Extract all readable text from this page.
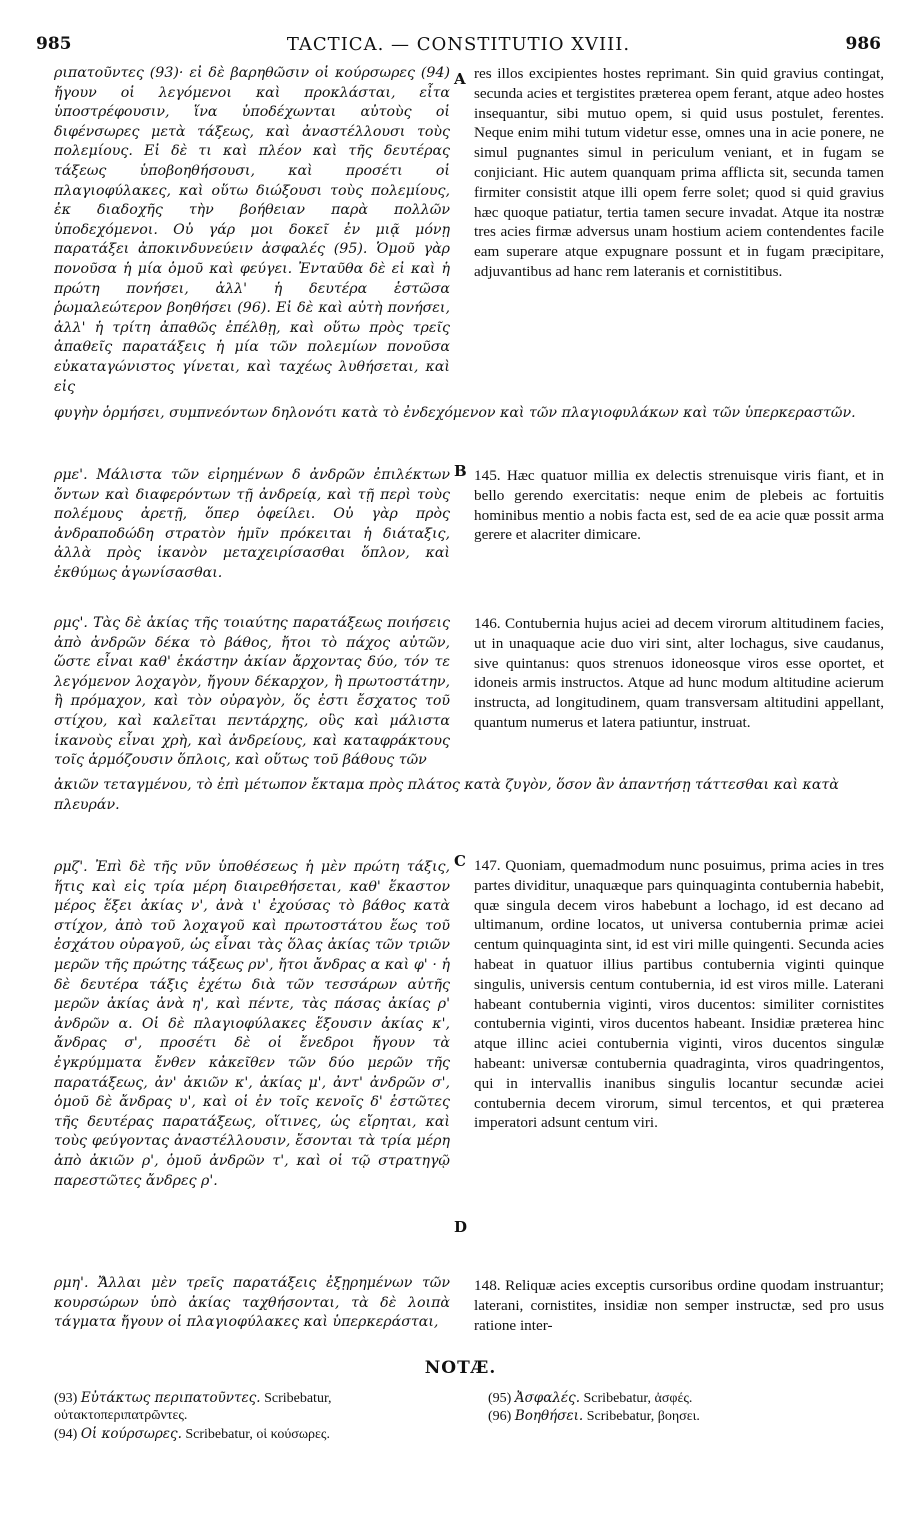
985	TACTICA. — CONSTITUTIO XVIII.	986
A
B
C
D

ριπατοῦντες (93)· εἰ δὲ βαρηθῶσιν οἱ κούρσωρες (94) ἤγουν οἱ λεγόμενοι καὶ προκλάσται, εἶτα ὑποστρέφουσιν, ἵνα ὑποδέχωνται αὐτοὺς οἱ διφένσωρες μετὰ τάξεως, καὶ ἀναστέλλουσι τοὺς πολεμίους. Εἰ δὲ τι καὶ πλέον καὶ τῆς δευτέρας τάξεως ὑποβοηθήσουσι, καὶ προσέτι οἱ πλαγιοφύλακες, καὶ οὕτω διώξουσι τοὺς πολεμίους, ἐκ διαδοχῆς τὴν βοήθειαν παρὰ πολλῶν ὑποδεχόμενοι. Οὐ γάρ μοι δοκεῖ ἐν μιᾷ μόνῃ παρατάξει ἀποκινδυνεύειν ἀσφαλές (95). Ὁμοῦ γὰρ πονοῦσα ἡ μία ὁμοῦ καὶ φεύγει. Ἐνταῦθα δὲ εἰ καὶ ἡ πρώτη πονήσει, ἀλλ' ἡ δευτέρα ἑστῶσα ῥωμαλεώτερον βοηθήσει (96). Εἰ δὲ καὶ αὐτὴ πονήσει, ἀλλ' ἡ τρίτη ἀπαθῶς ἐπέλθῃ, καὶ οὕτω πρὸς τρεῖς ἀπαθεῖς παρατάξεις ἡ μία τῶν πολεμίων πονοῦσα εὐκαταγώνιστος γίνεται, καὶ ταχέως λυθήσεται, καὶ εἰς

φυγὴν ὁρμήσει, συμπνεόντων δηλονότι κατὰ τὸ ἐνδεχόμενον καὶ τῶν πλαγιοφυλάκων καὶ τῶν ὑπερκεραστῶν.

ρμε'. Μάλιστα τῶν εἰρημένων δ ἀνδρῶν ἐπιλέκτων ὄντων καὶ διαφερόντων τῇ ἀνδρείᾳ, καὶ τῇ περὶ τοὺς πολέμους ἀρετῇ, ὅπερ ὀφείλει. Οὐ γὰρ πρὸς ἀνδραποδώδη στρατὸν ἡμῖν πρόκειται ἡ διάταξις, ἀλλὰ πρὸς ἱκανὸν μεταχειρίσασθαι ὅπλον, καὶ ἐκθύμως ἀγωνίσασθαι.

ρμς'. Τὰς δὲ ἀκίας τῆς τοιαύτης παρατάξεως ποιήσεις ἀπὸ ἀνδρῶν δέκα τὸ βάθος, ἤτοι τὸ πάχος αὐτῶν, ὥστε εἶναι καθ' ἑκάστην ἀκίαν ἄρχοντας δύο, τόν τε λεγόμενον λοχαγὸν, ἤγουν δέκαρχον, ἢ πρωτοστάτην, ἢ πρόμαχον, καὶ τὸν οὐραγὸν, ὅς ἐστι ἔσχατος τοῦ στίχου, καὶ καλεῖται πεντάρχης, οὓς καὶ μάλιστα ἱκανοὺς εἶναι χρὴ, καὶ ἀνδρείους, καὶ καταφράκτους τοῖς ἁρμόζουσιν ὅπλοις, καὶ οὕτως τοῦ βάθους τῶν

ἀκιῶν τεταγμένου, τὸ ἐπὶ μέτωπον ἔκταμα πρὸς πλάτος κατὰ ζυγὸν, ὅσον ἂν ἀπαντήσῃ τάττεσθαι καὶ κατὰ πλευράν.

ρμζ'. Ἐπὶ δὲ τῆς νῦν ὑποθέσεως ἡ μὲν πρώτη τάξις, ἥτις καὶ εἰς τρία μέρη διαιρεθήσεται, καθ' ἕκαστον μέρος ἕξει ἀκίας ν', ἀνὰ ι' ἐχούσας τὸ βάθος κατὰ στίχον, ἀπὸ τοῦ λοχαγοῦ καὶ πρωτοστάτου ἕως τοῦ ἐσχάτου οὐραγοῦ, ὡς εἶναι τὰς ὅλας ἀκίας τῶν τριῶν μερῶν τῆς πρώτης τάξεως ρν', ἤτοι ἄνδρας α καὶ φ' · ἡ δὲ δευτέρα τάξις ἐχέτω διὰ τῶν τεσσάρων αὐτῆς μερῶν ἀκίας ἀνὰ η', καὶ πέντε, τὰς πάσας ἀκίας ρ' ἀνδρῶν α. Οἱ δὲ πλαγιοφύλακες ἕξουσιν ἀκίας κ', ἄνδρας σ', προσέτι δὲ οἱ ἔνεδροι ἤγουν τὰ ἐγκρύμματα ἔνθεν κἀκεῖθεν τῶν δύο μερῶν τῆς παρατάξεως, ἀν' ἀκιῶν κ', ἀκίας μ', ἀντ' ἀνδρῶν σ', ὁμοῦ δὲ ἄνδρας υ', καὶ οἱ ἐν τοῖς κενοῖς δ' ἑστῶτες τῆς δευτέρας παρατάξεως, οἵτινες, ὡς εἴρηται, καὶ τοὺς φεύγοντας ἀναστέλλουσιν, ἔσονται τὰ τρία μέρη ἀπὸ ἀκιῶν ρ', ὁμοῦ ἀνδρῶν τ', καὶ οἱ τῷ στρατηγῷ παρεστῶτες ἄνδρες ρ'.

ρμη'. Ἄλλαι μὲν τρεῖς παρατάξεις ἐξῃρημένων τῶν κουρσώρων ὑπὸ ἀκίας ταχθήσονται, τὰ δὲ λοιπὰ τάγματα ἤγουν οἱ πλαγιοφύλακες καὶ ὑπερκεράσται,

res illos excipientes hostes reprimant. Sin quid gravius contingat, secunda acies et tergistites præterea opem ferant, atque adeo hostes insequantur, sibi mutuo opem, si quid usus postulet, ferentes. Neque enim mihi tutum videtur esse, omnes una in acie ponere, ne simul pugnantes simul in periculum veniant, et in fugam se conjiciant. Hic autem quanquam prima afflicta sit, secunda tamen firmiter consistit atque illi opem ferre solet; quod si quid gravius hæc quoque patiatur, tertia tamen secure invadat. Atque ita nostræ tres acies firmæ adversus unam hostium aciem contendentes facile eam superare atque expugnare possunt et in fugam præcipitare, adjuvantibus ad hanc rem lateranis et cornistitibus.

145. Hæc quatuor millia ex delectis strenuisque viris fiant, et in bello gerendo exercitatis: neque enim de plebeis ac fortuitis hominibus mentio a nobis facta est, sed de ea acie quæ possit arma gerere et alacriter dimicare.

146. Contubernia hujus aciei ad decem virorum altitudinem facies, ut in unaquaque acie duo viri sint, alter lochagus, sive caudanus, sive quintanus: quos strenuos idoneosque viros esse oportet, et idoneis armis instructos. Atque ad hunc modum altitudine acierum instructa, ad longitudinem, quam transversam altitudini appellant, quantum numerus et latera patiuntur, instruat.

147. Quoniam, quemadmodum nunc posuimus, prima acies in tres partes dividitur, unaquæque pars quinquaginta contubernia habebit, quæ singula decem viros habebunt a lochago, id est decano ad ultimanum, ordine locatos, ut universa contubernia primæ aciei centum quinquaginta sint, id est viri mille quingenti. Secunda acies habeat in quatuor illius partibus contubernia viginti quinque singulis, universis centum contubernia, id est viros mille. Laterani habeant contubernia viginti, viros ducentos: similiter cornistites contubernia viginti, viros ducentos habeant. Insidiæ præterea hinc atque illinc aciei contubernia viginti, viros ducentos singulæ habeant: universæ contubernia quadraginta, viros quadringentos, qui in intervallis inanibus singulis locantur secundæ aciei contubernia decem virorum, simul tercentos, et qui præterea imperatori adsunt centum viri.

148. Reliquæ acies exceptis cursoribus ordine quodam instruantur; laterani, cornistites, insidiæ non semper instructæ, sed pro usus ratione inter-

NOTÆ.
(93) Εὐτάκτως περιπατοῦντες. Scribebatur, οὐτακτοπεριπατρῶντες.
(94) Οἱ κούρσωρες. Scribebatur, οἱ κούσωρες.
(95) Ἀσφαλές. Scribebatur, ἀσφές.
(96) Βοηθήσει. Scribebatur, βοησει.
